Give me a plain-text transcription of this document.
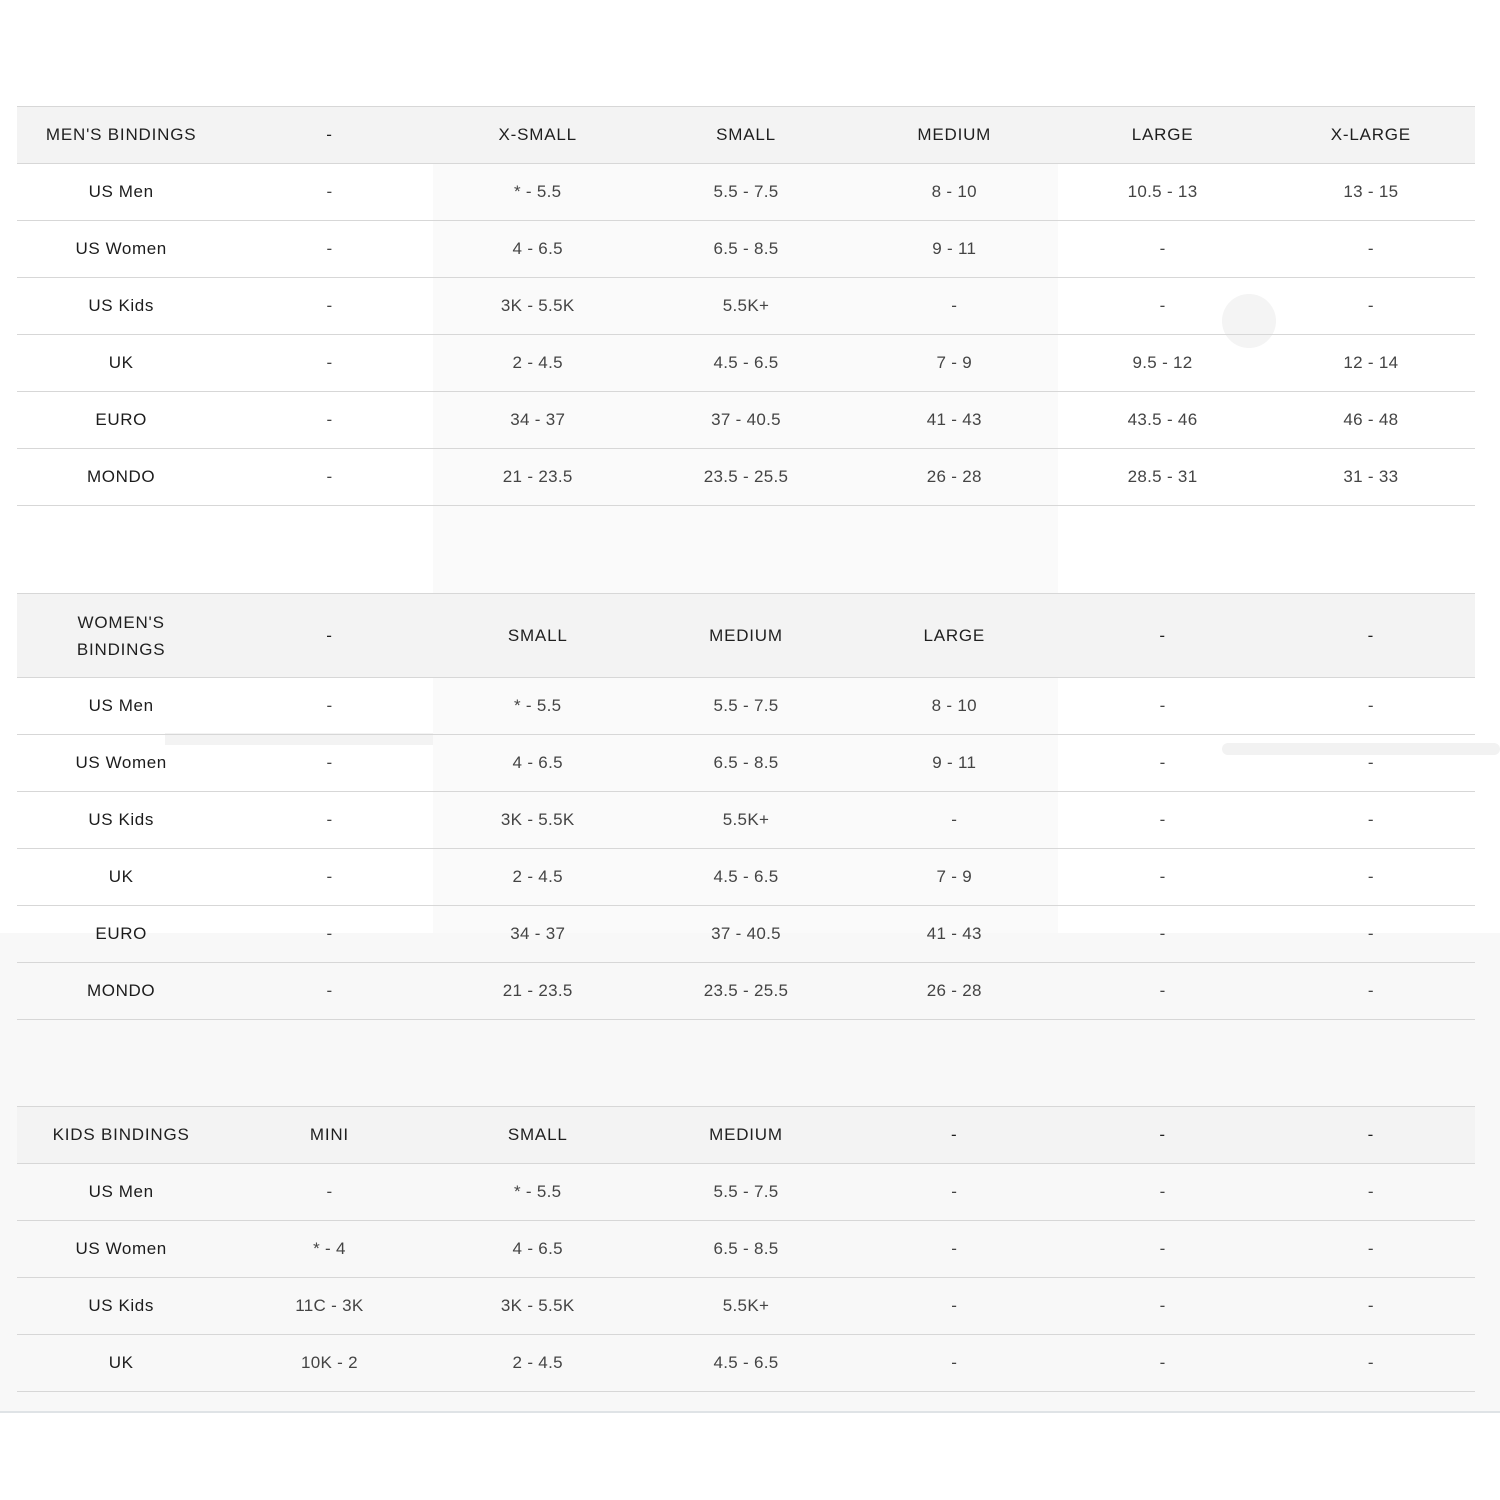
MEN'S BINDINGS	-	X-SMALL	SMALL	MEDIUM	LARGE	X-LARGE
US Men	-	* - 5.5	5.5 - 7.5	8 - 10	10.5 - 13	13 - 15
US Women	-	4 - 6.5	6.5 - 8.5	9 - 11	-	-
US Kids	-	3K - 5.5K	5.5K+	-	-	-
UK	-	2 - 4.5	4.5 - 6.5	7 - 9	9.5 - 12	12 - 14
EURO	-	34 - 37	37 - 40.5	41 - 43	43.5 - 46	46 - 48
MONDO	-	21 - 23.5	23.5 - 25.5	26 - 28	28.5 - 31	31 - 33
WOMEN'S
BINDINGS	-	SMALL	MEDIUM	LARGE	-	-
US Men	-	* - 5.5	5.5 - 7.5	8 - 10	-	-
US Women	-	4 - 6.5	6.5 - 8.5	9 - 11	-	-
US Kids	-	3K - 5.5K	5.5K+	-	-	-
UK	-	2 - 4.5	4.5 - 6.5	7 - 9	-	-
EURO	-	34 - 37	37 - 40.5	41 - 43	-	-
MONDO	-	21 - 23.5	23.5 - 25.5	26 - 28	-	-
KIDS BINDINGS	MINI	SMALL	MEDIUM	-	-	-
US Men	-	* - 5.5	5.5 - 7.5	-	-	-
US Women	* - 4	4 - 6.5	6.5 - 8.5	-	-	-
US Kids	11C - 3K	3K - 5.5K	5.5K+	-	-	-
UK	10K - 2	2 - 4.5	4.5 - 6.5	-	-	-
